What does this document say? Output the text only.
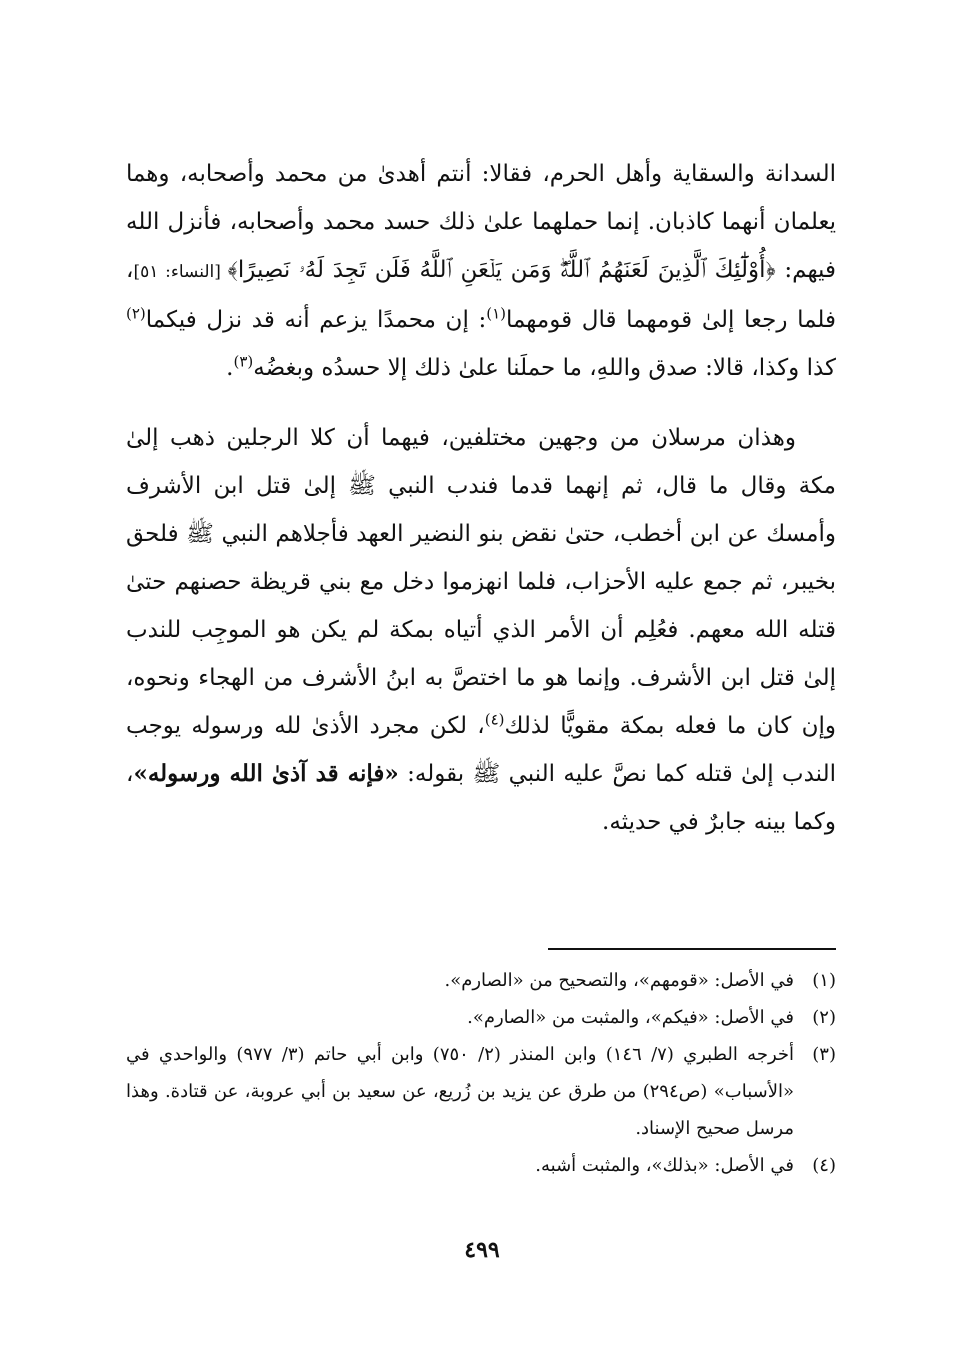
السدانة والسقاية وأهل الحرم، فقالا: أنتم أهدىٰ من محمد وأصحابه، وهما يعلمان أنهما كاذبان. إنما حملهما علىٰ ذلك حسد محمد وأصحابه، فأنزل الله فيهم: ﴿أُوْلَٰٓئِكَ ٱلَّذِينَ لَعَنَهُمُ ٱللَّهُۖ وَمَن يَلۡعَنِ ٱللَّهُ فَلَن تَجِدَ لَهُۥ نَصِيرًا﴾ [النساء: ٥١]، فلما رجعا إلىٰ قومهما قال قومهما$^{(١)}$: إن محمدًا يزعم أنه قد نزل فيكما$^{(٢)}$ كذا وكذا، قالا: صدق واللهِ، ما حملَنا علىٰ ذلك إلا حسدُه وبغضُه$^{(٣)}$.

وهذان مرسلان من وجهين مختلفين، فيهما أن كلا الرجلين ذهب إلىٰ مكة وقال ما قال، ثم إنهما قدما فندب النبي ﷺ إلىٰ قتل ابن الأشرف وأمسك عن ابن أخطب، حتىٰ نقض بنو النضير العهد فأجلاهم النبي ﷺ فلحق بخيبر، ثم جمع عليه الأحزاب، فلما انهزموا دخل مع بني قريظة حصنهم حتىٰ قتله الله معهم. فعُلِم أن الأمر الذي أتياه بمكة لم يكن هو الموجِب للندب إلىٰ قتل ابن الأشرف. وإنما هو ما اختصَّ به ابنُ الأشرف من الهجاء ونحوه، وإن كان ما فعله بمكة مقويًّا لذلك$^{(٤)}$، لكن مجرد الأذىٰ لله ورسوله يوجب الندب إلىٰ قتله كما نصَّ عليه النبي ﷺ بقوله: «فإنه قد آذىٰ الله ورسوله»، وكما بينه جابرٌ في حديثه.

(١)
في الأصل: «قومهم»، والتصحيح من «الصارم».
(٢)
في الأصل: «فيكم»، والمثبت من «الصارم».
(٣)
أخرجه الطبري (٧/ ١٤٦) وابن المنذر (٢/ ٧٥٠) وابن أبي حاتم (٣/ ٩٧٧) والواحدي في «الأسباب» (ص٢٩٤) من طرق عن يزيد بن زُريع، عن سعيد بن أبي عروبة، عن قتادة. وهذا مرسل صحيح الإسناد.
(٤)
في الأصل: «بذلك»، والمثبت أشبه.
٤٩٩
